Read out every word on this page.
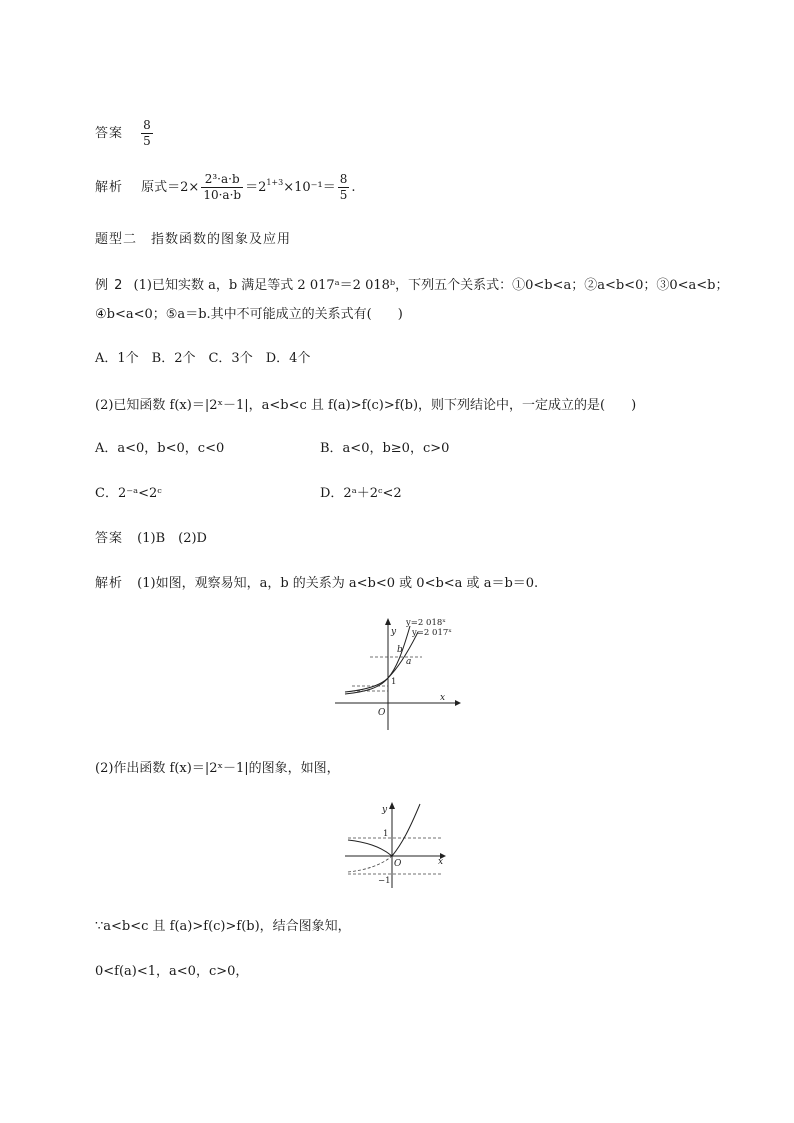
答案 $\frac{8}{5}$
解析 原式$=2\times \frac{\text{2³·a·b}}{10\cdot a\cdot b} =2^{1+3}\times 10^{-1}= \frac{8}{5}$ .
题型二　指数函数的图象及应用
例 2 (1)已知实数 a，b 满足等式 2 017ᵃ＝2 018ᵇ，下列五个关系式：①0<b<a；②a<b<0；③0<a<b；
④b<a<0；⑤a＝b.其中不可能成立的关系式有(　　)
A．1个　B．2个　C．3个　D．4个
(2)已知函数 f(x)＝|2ˣ－1|，a<b<c 且 f(a)>f(c)>f(b)，则下列结论中，一定成立的是(　　)
A．a<0，b<0，c<0	B．a<0，b≥0，c>0
C．2⁻ᵃ<2ᶜ	D．2ᵃ＋2ᶜ<2
答案 (1)B　(2)D
解析 (1)如图，观察易知，a，b 的关系为 a<b<0 或 0<b<a 或 a＝b＝0.
y=2 018ˣ
y=2 017ˣ
y
x
O
b
a
1
(2)作出函数 f(x)＝|2ˣ－1|的图象，如图，
y
x
O
1
−1
∵a<b<c 且 f(a)>f(c)>f(b)，结合图象知，
0<f(a)<1，a<0，c>0，
